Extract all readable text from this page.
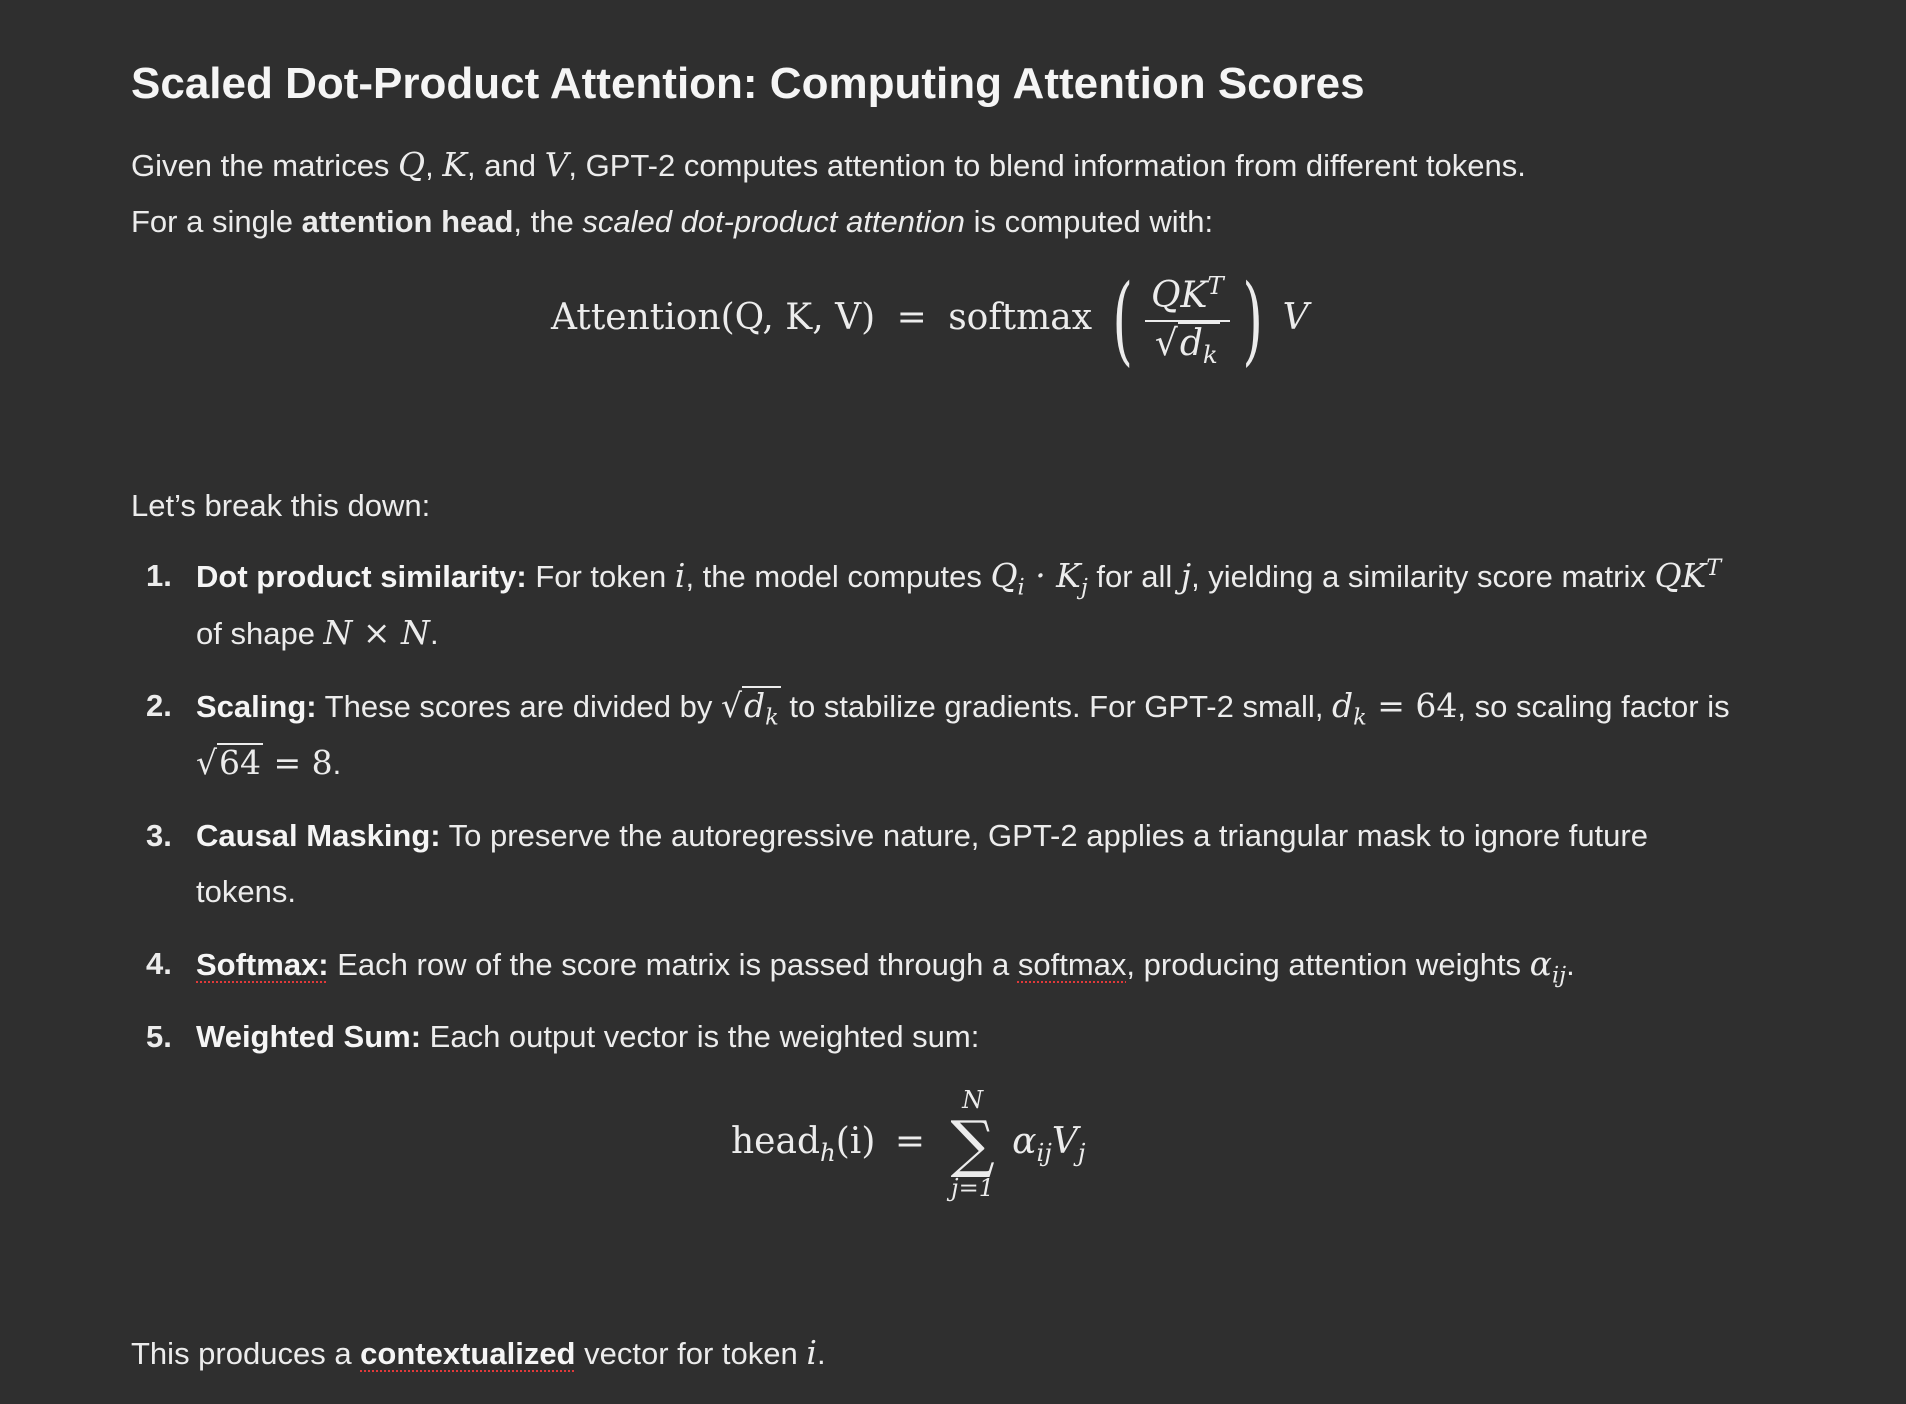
Scaled Dot-Product Attention: Computing Attention Scores

Given the matrices Q, K, and V, GPT-2 computes attention to blend information from different tokens.

For a single attention head, the scaled dot-product attention is computed with:

Attention(Q, K, V) = softmax ( $\frac{QK^T}{√d_k}$ ) V

Let’s break this down:

1. Dot product similarity: For token i, the model computes $Q_i \cdot K_j$ for all j, yielding a similarity score matrix $QK^T$ of shape N × N.
2. Scaling: These scores are divided by $√d_k$ to stabilize gradients. For GPT-2 small, $d_k = 64$, so scaling factor is √64 = 8.
3. Causal Masking: To preserve the autoregressive nature, GPT-2 applies a triangular mask to ignore future tokens.
4. Softmax: Each row of the score matrix is passed through a softmax, producing attention weights $\alpha_{ij}$.
5. Weighted Sum: Each output vector is the weighted sum:
head$_h$(i) =
N
∑
j=1
$\alpha_{ij}V_j$

This produces a contextualized vector for token i.
